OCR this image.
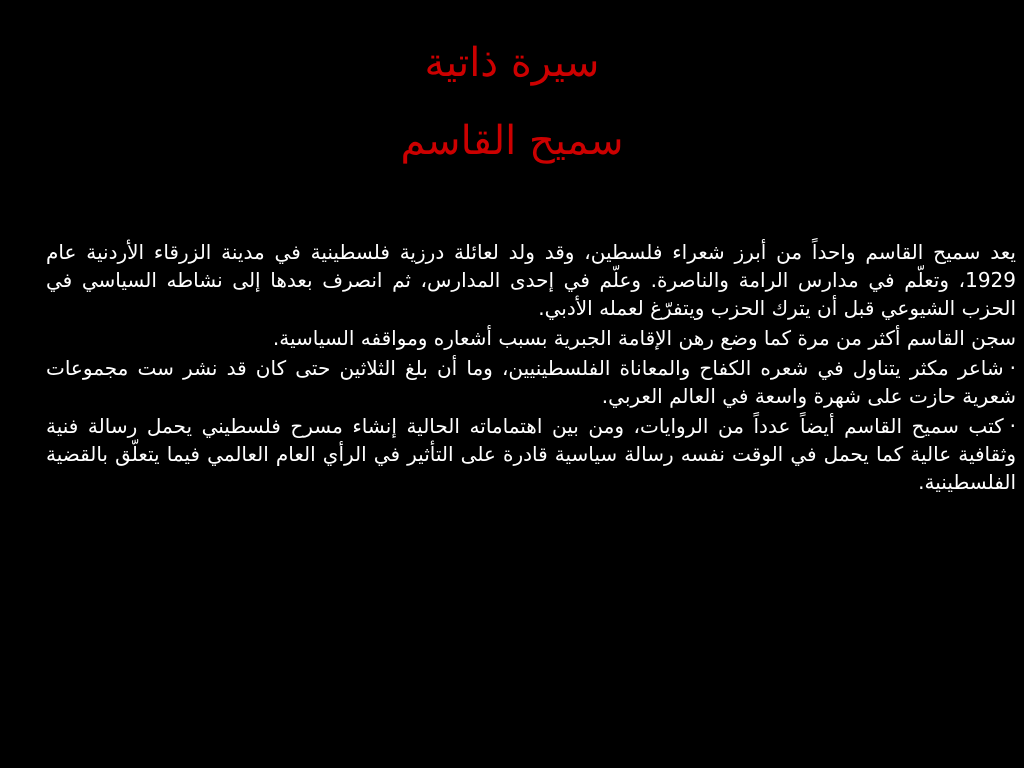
سيرة ذاتية
سميح القاسم

يعد سميح القاسم واحداً من أبرز شعراء فلسطين، وقد ولد لعائلة درزية فلسطينية في مدينة الزرقاء الأردنية عام 1929، وتعلّم في مدارس الرامة والناصرة. وعلّم في إحدى المدارس، ثم انصرف بعدها إلى نشاطه السياسي في الحزب الشيوعي قبل أن يترك الحزب ويتفرّغ لعمله الأدبي.

سجن القاسم أكثر من مرة كما وضع رهن الإقامة الجبرية بسبب أشعاره ومواقفه السياسية.

·شاعر مكثر يتناول في شعره الكفاح والمعاناة الفلسطينيين، وما أن بلغ الثلاثين حتى كان قد نشر ست مجموعات شعرية حازت على شهرة واسعة في العالم العربي.

·كتب سميح القاسم أيضاً عدداً من الروايات، ومن بين اهتماماته الحالية إنشاء مسرح فلسطيني يحمل رسالة فنية وثقافية عالية كما يحمل في الوقت نفسه رسالة سياسية قادرة على التأثير في الرأي العام العالمي فيما يتعلّق بالقضية الفلسطينية.
